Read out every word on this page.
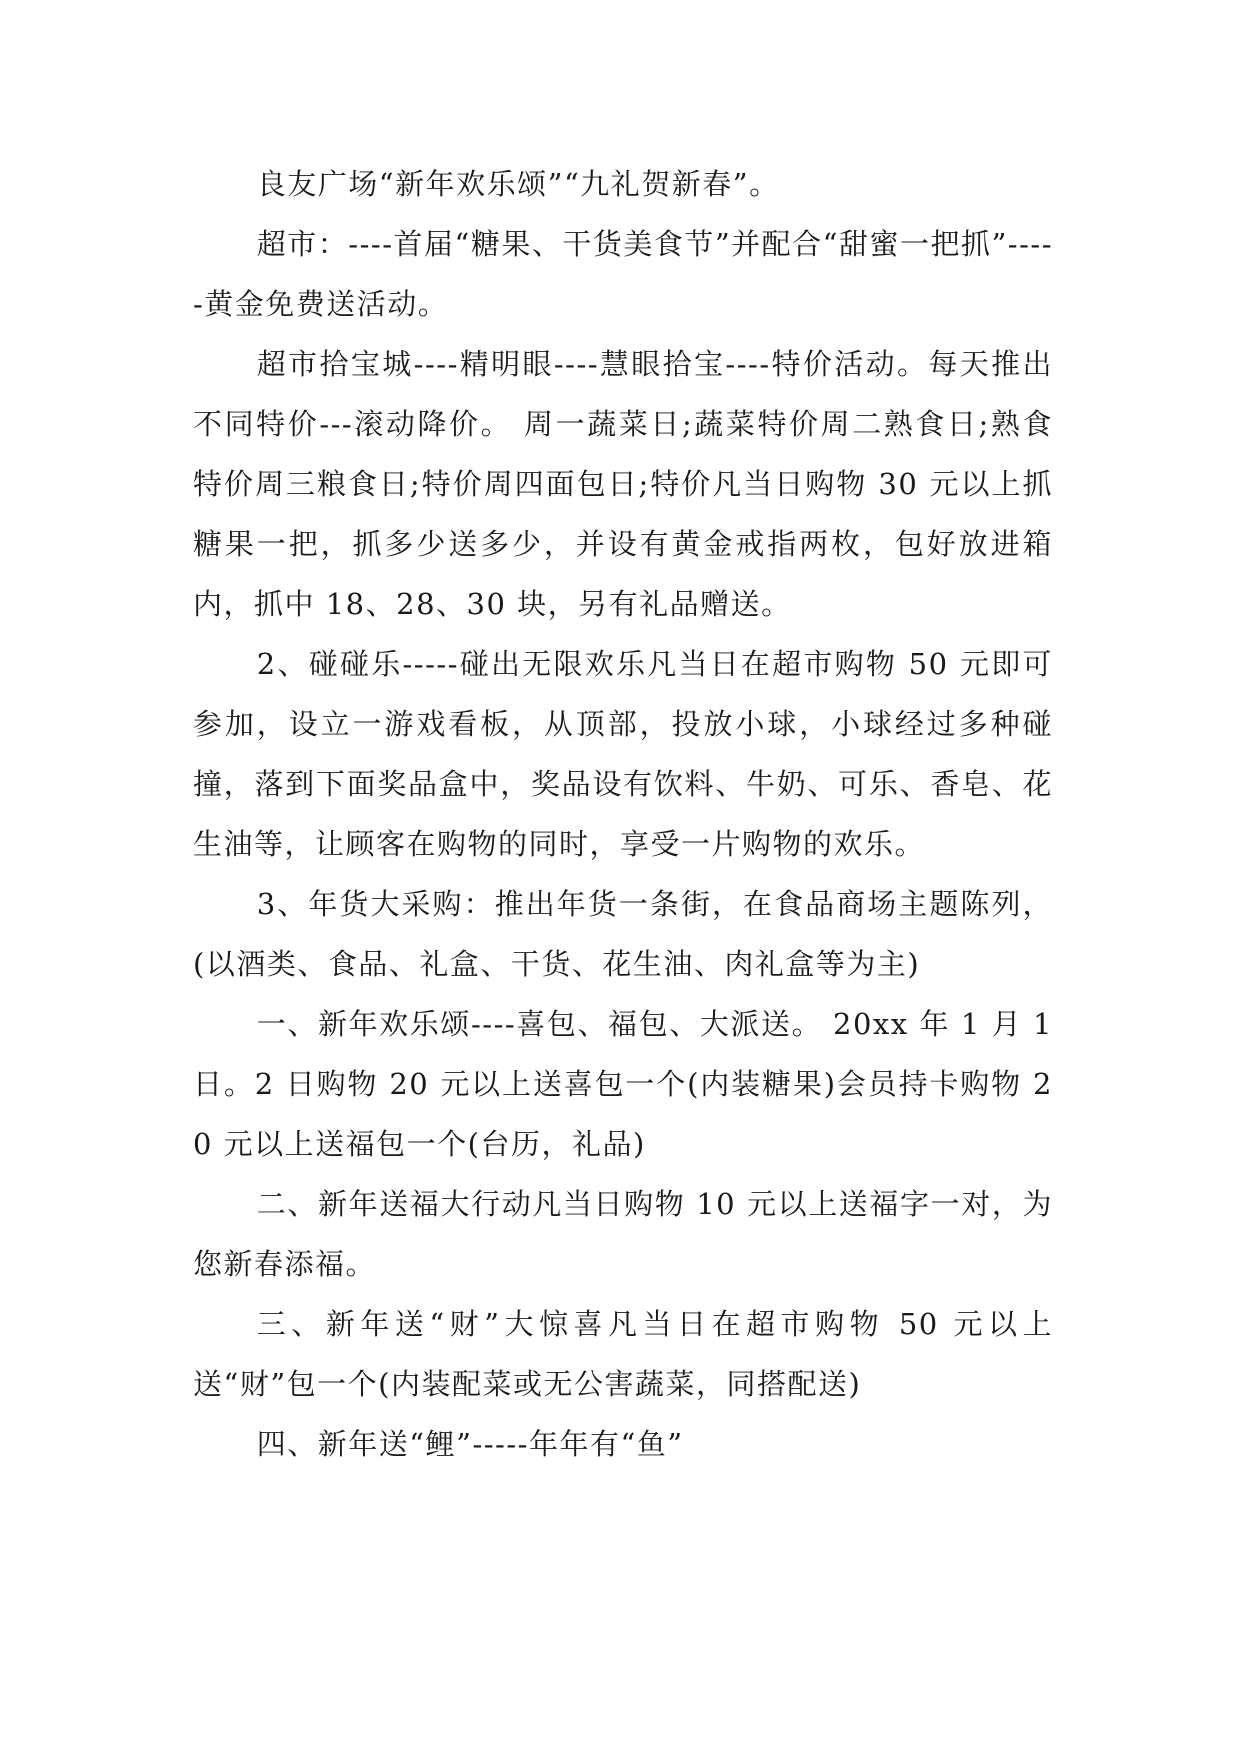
良友广场“新年欢乐颂”“九礼贺新春”。

超市：----首届“糖果、干货美食节”并配合“甜蜜一把抓”-----黄金免费送活动。

超市拾宝城----精明眼----慧眼拾宝----特价活动。每天推出不同特价---滚动降价。 周一蔬菜日;蔬菜特价周二熟食日;熟食特价周三粮食日;特价周四面包日;特价凡当日购物 30 元以上抓糖果一把，抓多少送多少，并设有黄金戒指两枚，包好放进箱内，抓中 18、28、30 块，另有礼品赠送。

2、碰碰乐-----碰出无限欢乐凡当日在超市购物 50 元即可参加，设立一游戏看板，从顶部，投放小球，小球经过多种碰撞，落到下面奖品盒中，奖品设有饮料、牛奶、可乐、香皂、花生油等，让顾客在购物的同时，享受一片购物的欢乐。

3、年货大采购：推出年货一条街，在食品商场主题陈列，(以酒类、食品、礼盒、干货、花生油、肉礼盒等为主)

一、新年欢乐颂----喜包、福包、大派送。 20xx 年 1 月 1 日。2 日购物 20 元以上送喜包一个(内装糖果)会员持卡购物 20 元以上送福包一个(台历，礼品)

二、新年送福大行动凡当日购物 10 元以上送福字一对，为您新春添福。

三、新年送“财”大惊喜凡当日在超市购物 50 元以上送“财”包一个(内装配菜或无公害蔬菜，同搭配送)

四、新年送“鲤”-----年年有“鱼”
